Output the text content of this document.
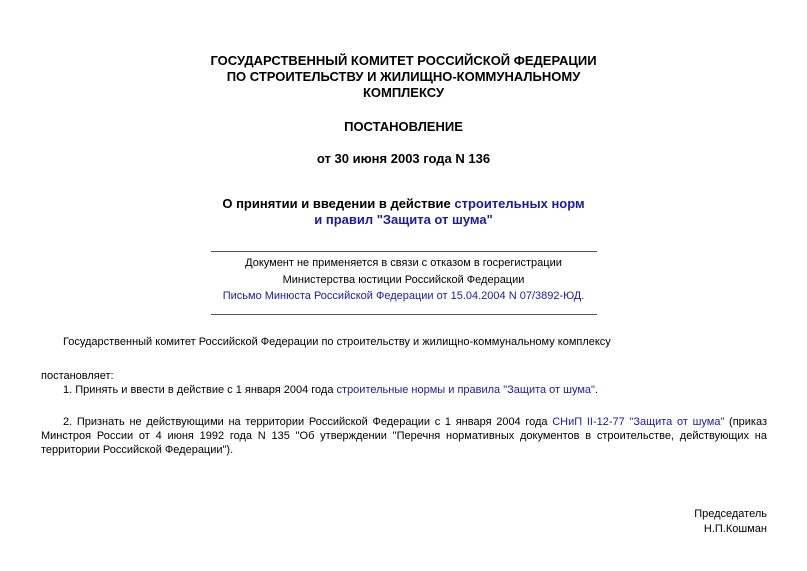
ГОСУДАРСТВЕННЫЙ КОМИТЕТ РОССИЙСКОЙ ФЕДЕРАЦИИ
ПО СТРОИТЕЛЬСТВУ И ЖИЛИЩНО-КОММУНАЛЬНОМУ
КОМПЛЕКСУ
ПОСТАНОВЛЕНИЕ
от 30 июня 2003 года N 136
О принятии и введении в действие строительных норм
и правил "Защита от шума"
Документ не применяется в связи с отказом в госрегистрации
Министерства юстиции Российской Федерации
Письмо Минюста Российской Федерации от 15.04.2004 N 07/3892-ЮД.
Государственный комитет Российской Федерации по строительству и жилищно-коммунальному комплексу
постановляет:
1. Принять и ввести в действие с 1 января 2004 года строительные нормы и правила "Защита от шума".
2. Признать не действующими на территории Российской Федерации с 1 января 2004 года СНиП II-12-77 "Защита от шума" (приказ Минстроя России от 4 июня 1992 года N 135 "Об утверждении "Перечня нормативных документов в строительстве, действующих на территории Российской Федерации").
Председатель
Н.П.Кошман
